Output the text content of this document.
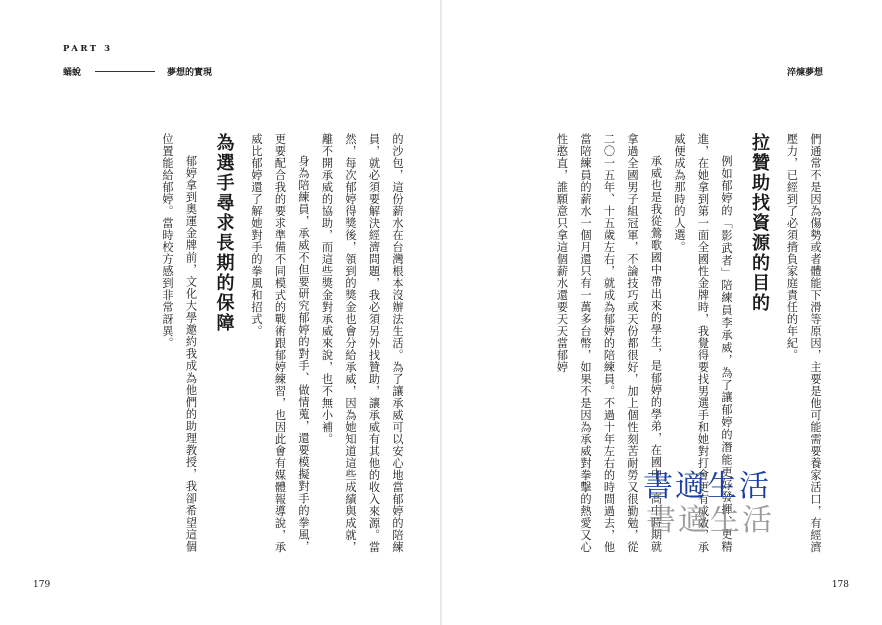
PART 3
蛹蛻	夢想的實現

的沙包，這份薪水在台灣根本沒辦法生活。為了讓承威可以安心地當郁婷的陪練員，就必須要解決經濟問題，我必須另外找贊助，讓承威有其他的收入來源。當然，每次郁婷得獎後，領到的獎金也會分給承威，因為她知道這些成績與成就，離不開承威的協助，而這些獎金對承威來說，也不無小補。

身為陪練員，承威不但要研究郁婷的對手、做情蒐，還要模擬對手的拳風，更要配合我的要求準備不同模式的戰術跟郁婷練習，也因此會有媒體報導說，承威比郁婷還了解她對手的拳風和招式。

為選手尋求長期的保障

郁婷拿到奧運金牌前，文化大學邀約我成為他們的助理教授，我卻希望這個位置能給郁婷。當時校方感到非常訝異。

179
淬煉夢想

們通常不是因為傷勢或者體能下滑等原因，主要是他可能需要養家活口，有經濟壓力，已經到了必須揹負家庭責任的年紀。

拉贊助找資源的目的

例如郁婷的「影武者」陪練員李承威，為了讓郁婷的潛能更好發揮、更精進，在她拿到第一面全國性金牌時，我覺得要找男選手和她對打會更有成效，承威便成為那時的人選。

承威也是我從鶯歌國中帶出來的學生，是郁婷的學弟，在國中、高中時期就拿過全國男子組冠軍，不論技巧或天份都很好，加上個性刻苦耐勞又很勤勉，從二〇一五年、十五歲左右，就成為郁婷的陪練員。不過十年左右的時間過去，他當陪練員的薪水一個月還只有一萬多台幣，如果不是因為承威對拳擊的熱愛又心性憨直，誰願意只拿這個薪水還要天天當郁婷

178
書適生活
書適生活
